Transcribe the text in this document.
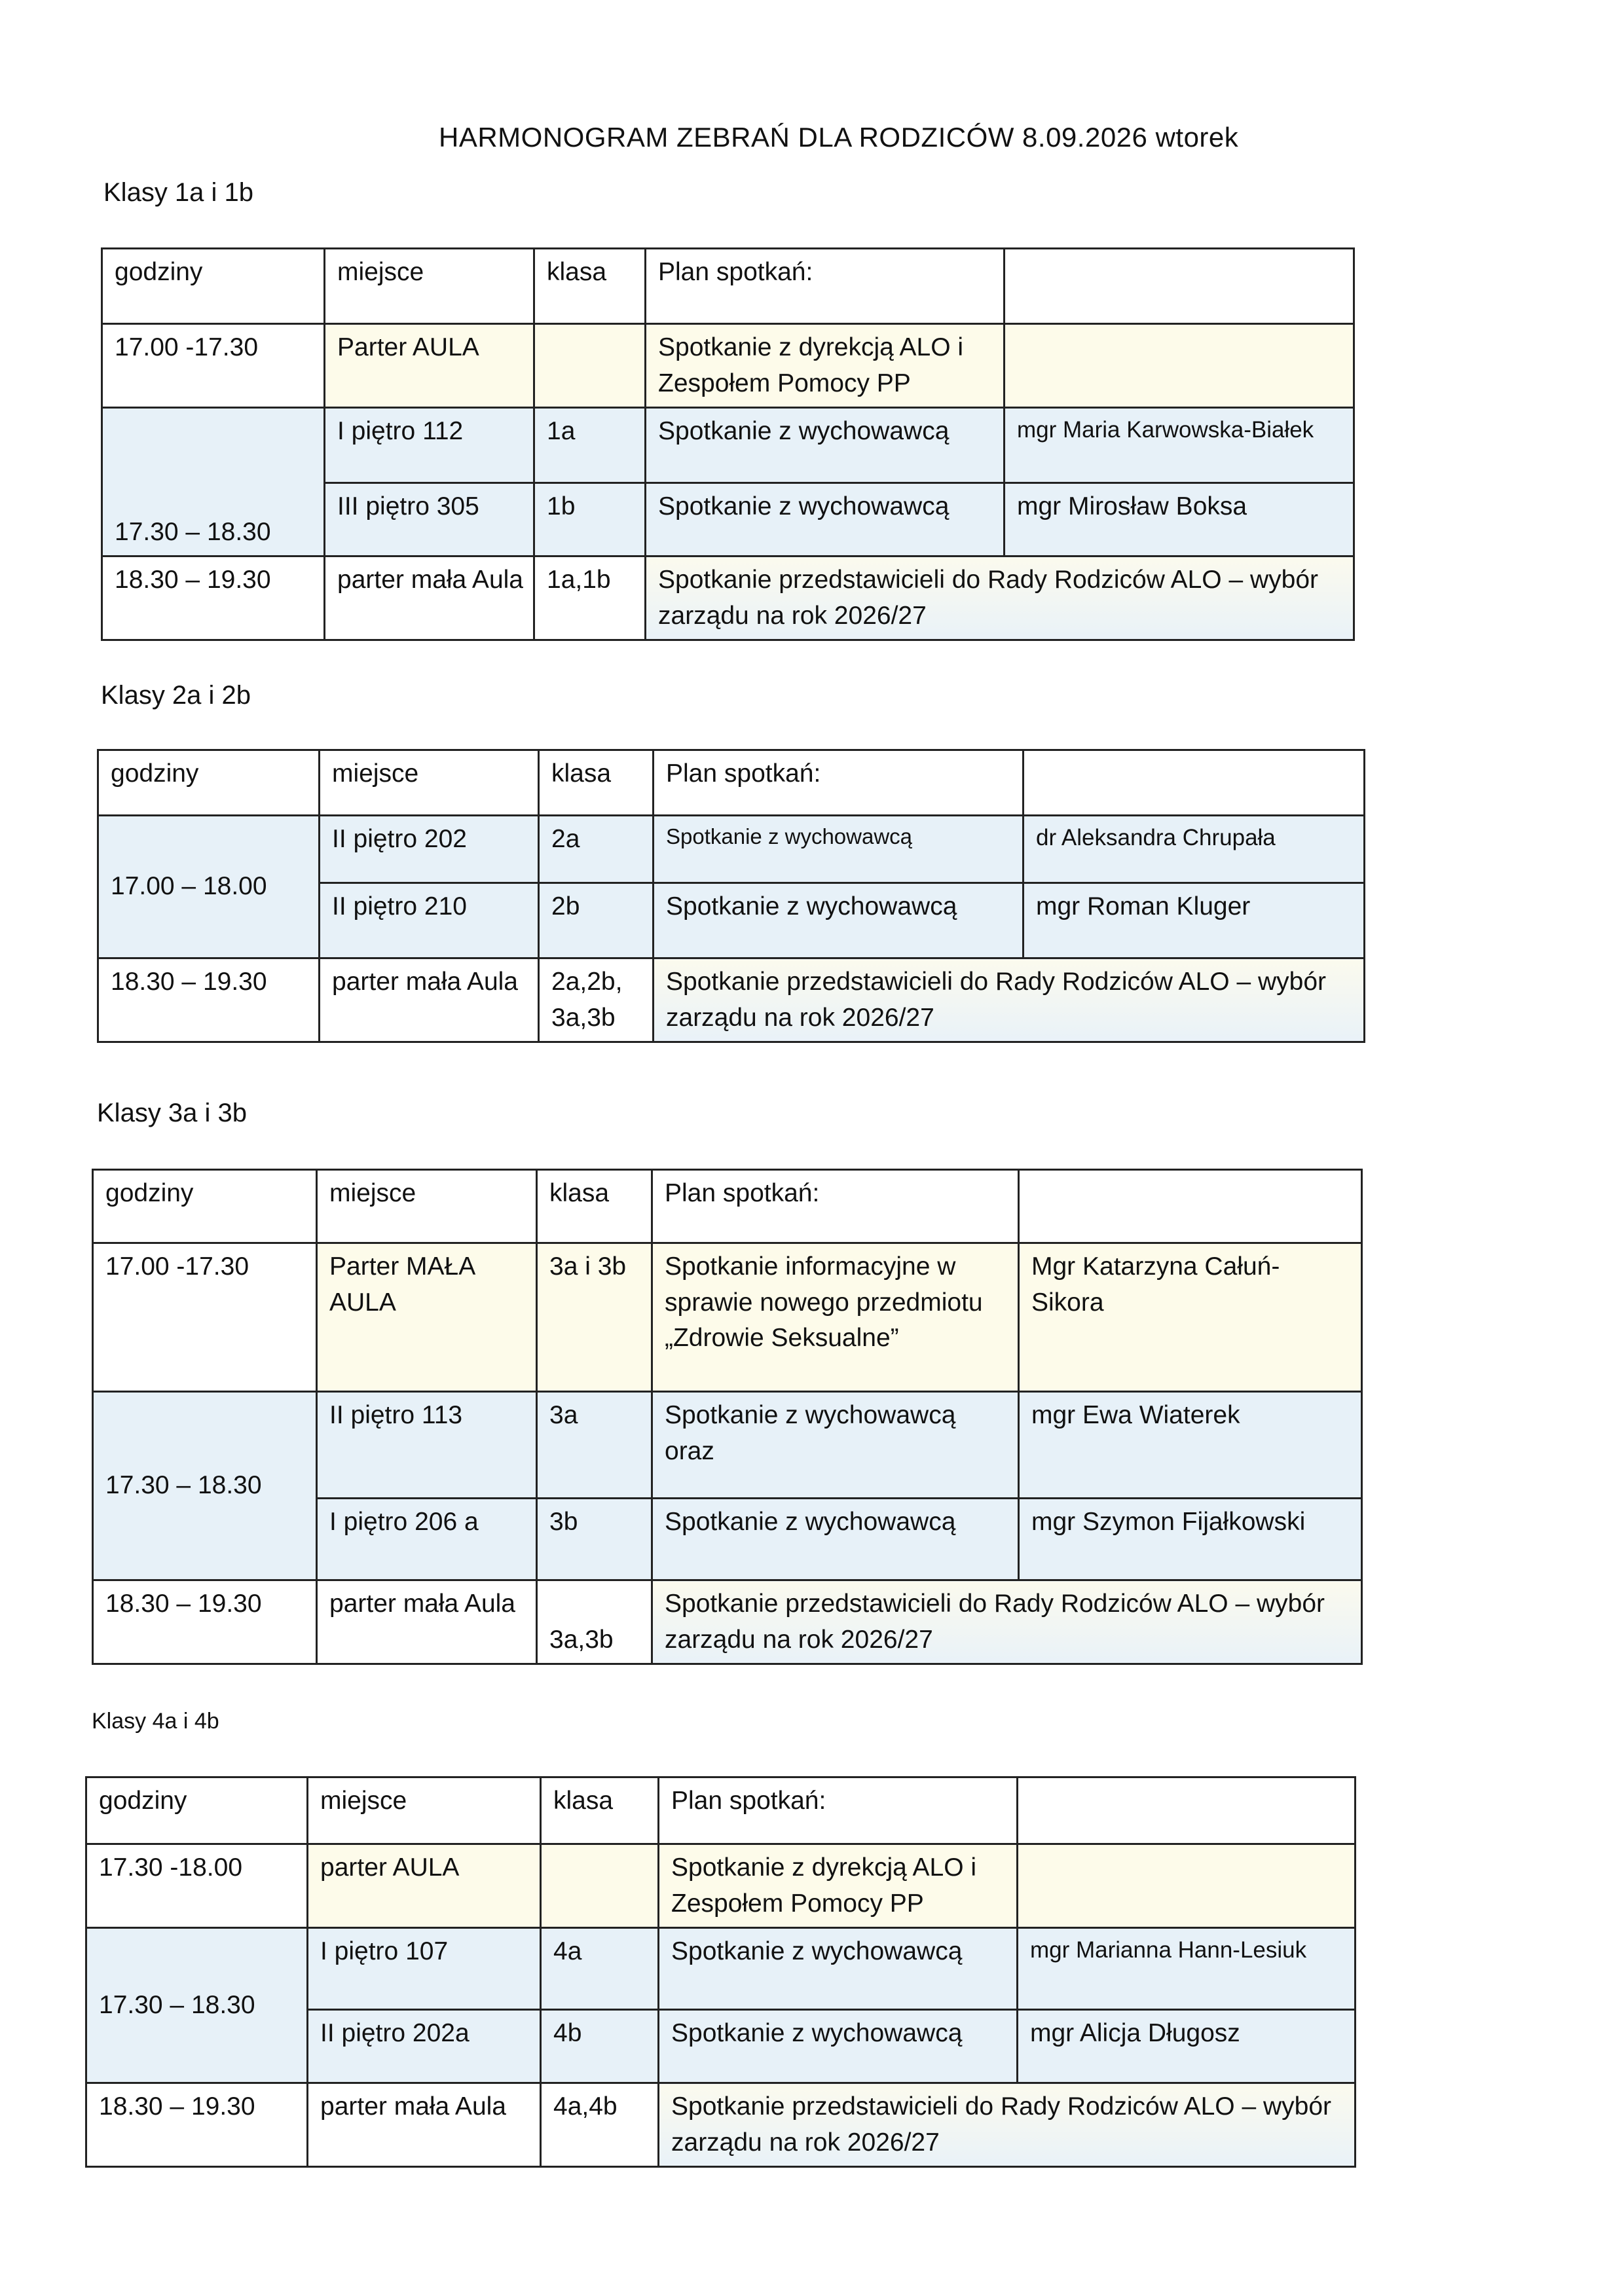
HARMONOGRAM ZEBRAŃ DLA RODZICÓW 8.09.2026 wtorek
Klasy 1a i 1b
godziny	miejsce	klasa	Plan spotkań:	
17.00 -17.30	Parter AULA		Spotkanie z dyrekcją ALO i Zespołem Pomocy PP	
17.30 – 18.30	I piętro 112	1a	Spotkanie z wychowawcą	mgr Maria Karwowska-Białek
	III piętro 305	1b	Spotkanie z wychowawcą	mgr Mirosław Boksa
18.30 – 19.30	parter mała Aula	1a,1b	Spotkanie przedstawicieli do Rady Rodziców ALO – wybór zarządu na rok 2026/27	
Klasy 2a i 2b
godziny	miejsce	klasa	Plan spotkań:	
17.00 – 18.00	II piętro 202	2a	Spotkanie z wychowawcą	dr Aleksandra Chrupała
	II piętro 210	2b	Spotkanie z wychowawcą	mgr Roman Kluger
18.30 – 19.30	parter mała Aula	2a,2b, 3a,3b	Spotkanie przedstawicieli do Rady Rodziców ALO – wybór zarządu na rok 2026/27	
Klasy 3a i 3b
godziny	miejsce	klasa	Plan spotkań:	
17.00 -17.30	Parter MAŁA AULA	3a i 3b	Spotkanie informacyjne w sprawie nowego przedmiotu „Zdrowie Seksualne”	Mgr Katarzyna Całuń-Sikora
17.30 – 18.30	II piętro 113	3a	Spotkanie z wychowawcą oraz	mgr Ewa Wiaterek
	I piętro 206 a	3b	Spotkanie z wychowawcą	mgr Szymon Fijałkowski
18.30 – 19.30	parter mała Aula	3a,3b	Spotkanie przedstawicieli do Rady Rodziców ALO – wybór zarządu na rok 2026/27	
Klasy 4a i 4b
godziny	miejsce	klasa	Plan spotkań:	
17.30 -18.00	parter AULA		Spotkanie z dyrekcją ALO i Zespołem Pomocy PP	
17.30 – 18.30	I piętro 107	4a	Spotkanie z wychowawcą	mgr Marianna Hann-Lesiuk
	II piętro 202a	4b	Spotkanie z wychowawcą	mgr Alicja Długosz
18.30 – 19.30	parter mała Aula	4a,4b	Spotkanie przedstawicieli do Rady Rodziców ALO – wybór zarządu na rok 2026/27	
